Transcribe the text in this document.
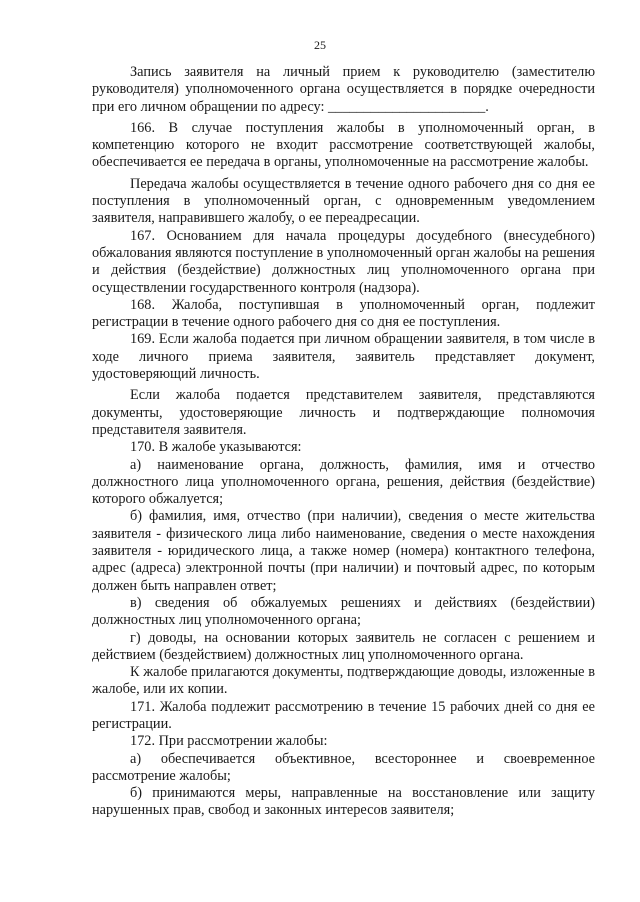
25

Запись заявителя на личный прием к руководителю (заместителю руководителя) уполномоченного органа осуществляется в порядке очередности при его личном обращении по адресу: ______________________.

166. В случае поступления жалобы в уполномоченный орган, в компетенцию которого не входит рассмотрение соответствующей жалобы, обеспечивается ее передача в органы, уполномоченные на рассмотрение жалобы.

Передача жалобы осуществляется в течение одного рабочего дня со дня ее поступления в уполномоченный орган, с одновременным уведомлением заявителя, направившего жалобу, о ее переадресации.

167. Основанием для начала процедуры досудебного (внесудебного) обжалования являются поступление в уполномоченный орган жалобы на решения и действия (бездействие) должностных лиц уполномоченного органа при осуществлении государственного контроля (надзора).

168. Жалоба, поступившая в уполномоченный орган, подлежит регистрации в течение одного рабочего дня со дня ее поступления.

169. Если жалоба подается при личном обращении заявителя, в том числе в ходе личного приема заявителя, заявитель представляет документ, удостоверяющий личность.

Если жалоба подается представителем заявителя, представляются документы, удостоверяющие личность и подтверждающие полномочия представителя заявителя.

170. В жалобе указываются:

а) наименование органа, должность, фамилия, имя и отчество должностного лица уполномоченного органа, решения, действия (бездействие) которого обжалуется;

б) фамилия, имя, отчество (при наличии), сведения о месте жительства заявителя - физического лица либо наименование, сведения о месте нахождения заявителя - юридического лица, а также номер (номера) контактного телефона, адрес (адреса) электронной почты (при наличии) и почтовый адрес, по которым должен быть направлен ответ;

в) сведения об обжалуемых решениях и действиях (бездействии) должностных лиц уполномоченного органа;

г) доводы, на основании которых заявитель не согласен с решением и действием (бездействием) должностных лиц уполномоченного органа.

К жалобе прилагаются документы, подтверждающие доводы, изложенные в жалобе, или их копии.

171. Жалоба подлежит рассмотрению в течение 15 рабочих дней со дня ее регистрации.

172. При рассмотрении жалобы:

а) обеспечивается объективное, всестороннее и своевременное рассмотрение жалобы;

б) принимаются меры, направленные на восстановление или защиту нарушенных прав, свобод и законных интересов заявителя;
